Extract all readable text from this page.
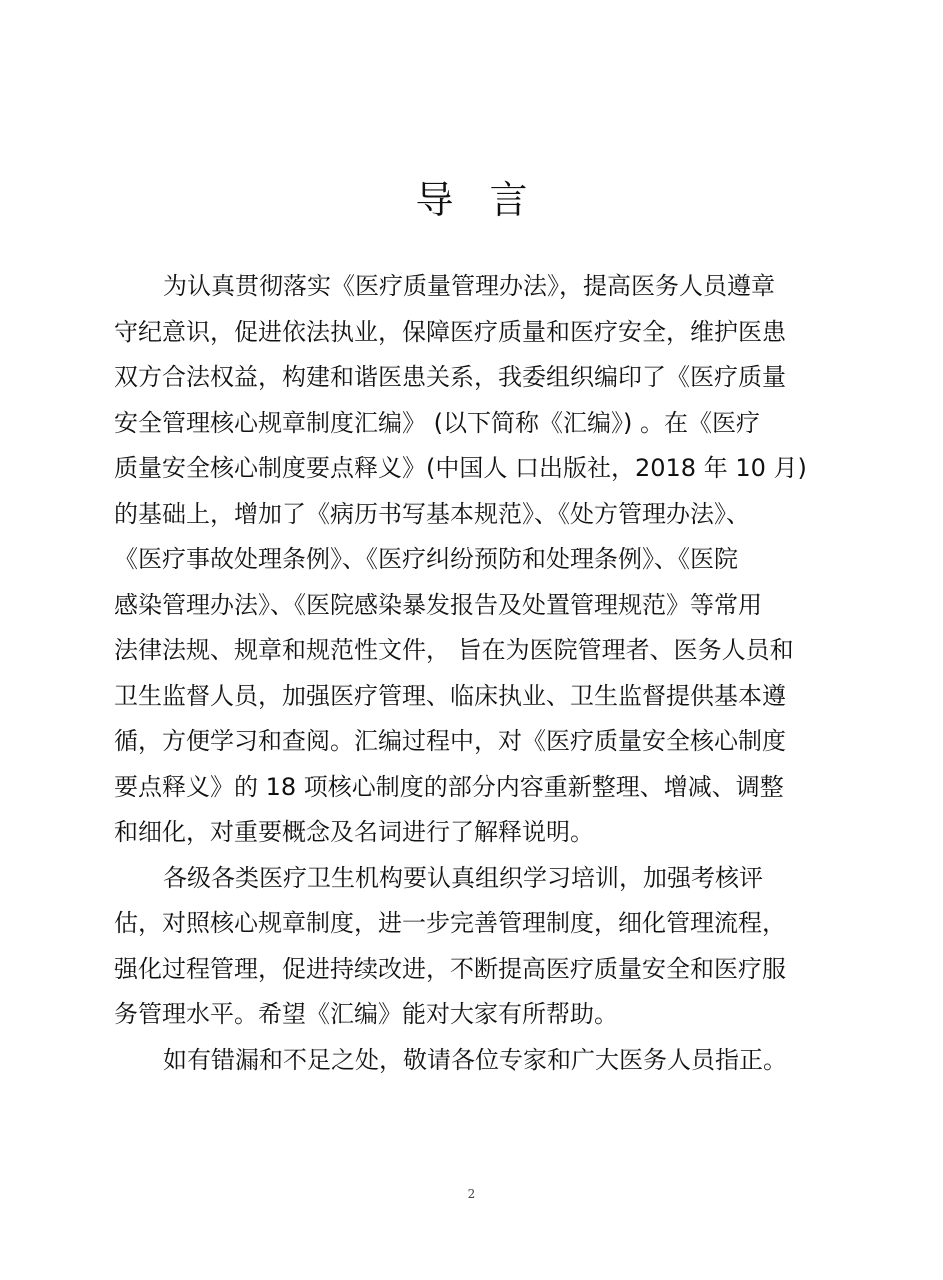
导言
为认真贯彻落实《医疗质量管理办法》，提高医务人员遵章
守纪意识，促进依法执业，保障医疗质量和医疗安全，维护医患
双方合法权益，构建和谐医患关系，我委组织编印了《医疗质量
安全管理核心规章制度汇编》 (以下简称《汇编》) 。在《医疗
质量安全核心制度要点释义》(中国人 口出版社，2018 年 10 月)
的基础上，增加了《病历书写基本规范》、《处方管理办法》、
《医疗事故处理条例》、《医疗纠纷预防和处理条例》、《医院
感染管理办法》、《医院感染暴发报告及处置管理规范》等常用
法律法规、规章和规范性文件， 旨在为医院管理者、医务人员和
卫生监督人员，加强医疗管理、临床执业、卫生监督提供基本遵
循，方便学习和查阅。汇编过程中，对《医疗质量安全核心制度
要点释义》的 18 项核心制度的部分内容重新整理、增减、调整
和细化，对重要概念及名词进行了解释说明。
各级各类医疗卫生机构要认真组织学习培训，加强考核评
估，对照核心规章制度，进一步完善管理制度，细化管理流程，
强化过程管理，促进持续改进，不断提高医疗质量安全和医疗服
务管理水平。希望《汇编》能对大家有所帮助。
如有错漏和不足之处，敬请各位专家和广大医务人员指正。
2
